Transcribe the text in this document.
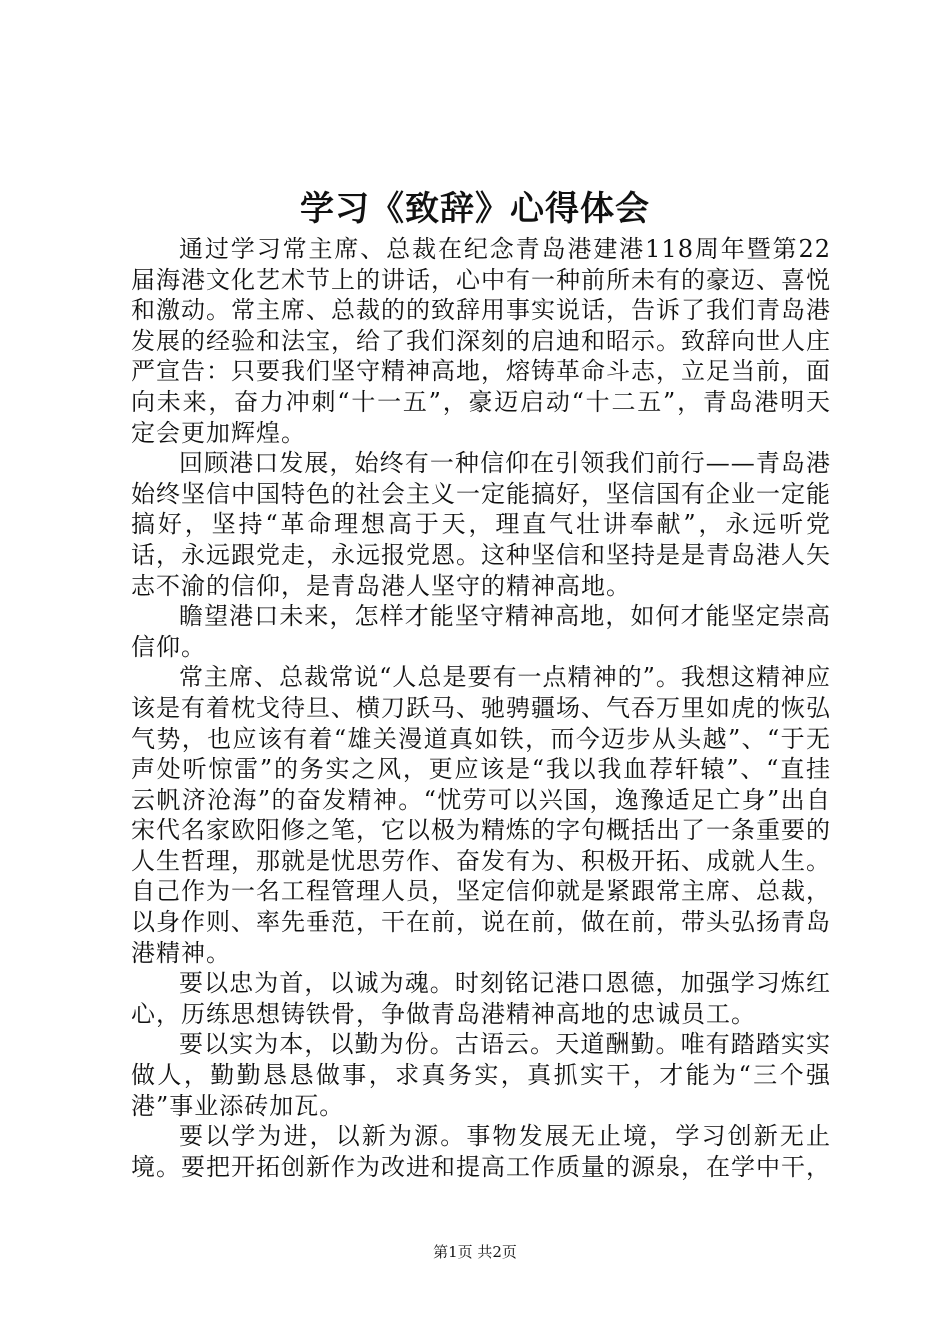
学习《致辞》心得体会

通过学习常主席、总裁在纪念青岛港建港118周年暨第22届海港文化艺术节上的讲话，心中有一种前所未有的豪迈、喜悦和激动。常主席、总裁的的致辞用事实说话，告诉了我们青岛港发展的经验和法宝，给了我们深刻的启迪和昭示。致辞向世人庄严宣告：只要我们坚守精神高地，熔铸革命斗志，立足当前，面向未来，奋力冲刺“十一五”，豪迈启动“十二五”，青岛港明天定会更加辉煌。

回顾港口发展，始终有一种信仰在引领我们前行——青岛港始终坚信中国特色的社会主义一定能搞好，坚信国有企业一定能搞好，坚持“革命理想高于天，理直气壮讲奉献”，永远听党话，永远跟党走，永远报党恩。这种坚信和坚持是是青岛港人矢志不渝的信仰，是青岛港人坚守的精神高地。

瞻望港口未来，怎样才能坚守精神高地，如何才能坚定崇高信仰。

常主席、总裁常说“人总是要有一点精神的”。我想这精神应该是有着枕戈待旦、横刀跃马、驰骋疆场、气吞万里如虎的恢弘气势，也应该有着“雄关漫道真如铁，而今迈步从头越”、“于无声处听惊雷”的务实之风，更应该是“我以我血荐轩辕”、“直挂云帆济沧海”的奋发精神。“忧劳可以兴国，逸豫适足亡身”出自宋代名家欧阳修之笔，它以极为精炼的字句概括出了一条重要的人生哲理，那就是忧思劳作、奋发有为、积极开拓、成就人生。自己作为一名工程管理人员，坚定信仰就是紧跟常主席、总裁，以身作则、率先垂范，干在前，说在前，做在前，带头弘扬青岛港精神。

要以忠为首，以诚为魂。时刻铭记港口恩德，加强学习炼红心，历练思想铸铁骨，争做青岛港精神高地的忠诚员工。

要以实为本，以勤为份。古语云。天道酬勤。唯有踏踏实实做人，勤勤恳恳做事，求真务实，真抓实干，才能为“三个强港”事业添砖加瓦。

要以学为进，以新为源。事物发展无止境，学习创新无止境。要把开拓创新作为改进和提高工作质量的源泉，在学中干，

第1页 共2页
